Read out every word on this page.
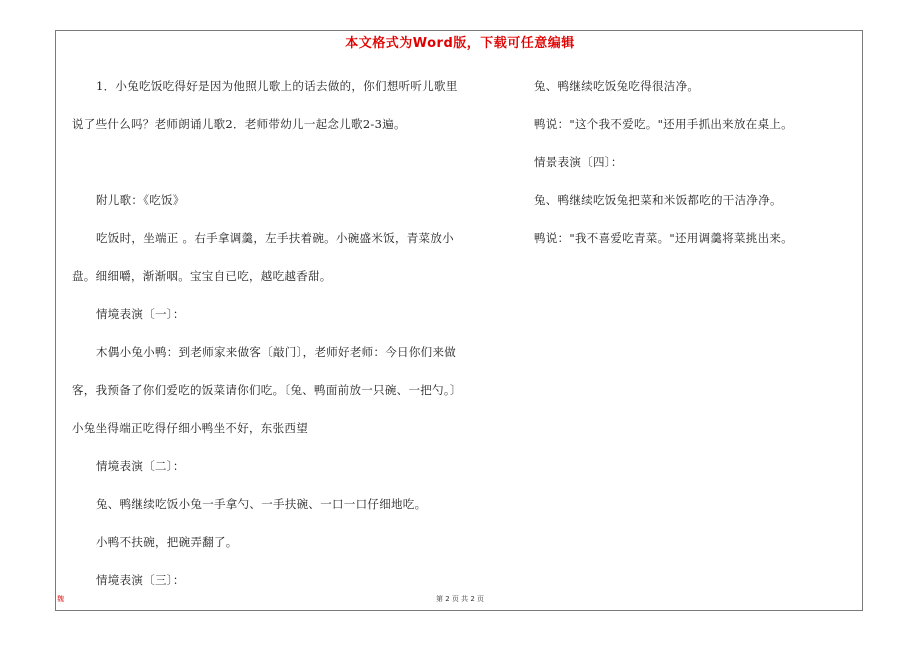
本文格式为Word版，下载可任意编辑

1．小兔吃饭吃得好是因为他照儿歌上的话去做的，你们想听听儿歌里说了些什么吗？老师朗诵儿歌2．老师带幼儿一起念儿歌2-3遍。

附儿歌：《吃饭》

吃饭时，坐端正 。右手拿调羹，左手扶着碗。小碗盛米饭，青菜放小盘。细细嚼，渐渐咽。宝宝自已吃，越吃越香甜。

情境表演〔一〕：

木偶小兔小鸭：到老师家来做客〔敲门〕，老师好老师：今日你们来做客，我预备了你们爱吃的饭菜请你们吃。〔兔、鸭面前放一只碗、一把勺。〕小兔坐得端正吃得仔细小鸭坐不好，东张西望

情境表演〔二〕：

兔、鸭继续吃饭小兔一手拿勺、一手扶碗、一口一口仔细地吃。

小鸭不扶碗，把碗弄翻了。

情境表演〔三〕：

兔、鸭继续吃饭兔吃得很洁净。

鸭说："这个我不爱吃。"还用手抓出来放在桌上。

情景表演〔四〕：

兔、鸭继续吃饭兔把菜和米饭都吃的干洁净净。

鸭说："我不喜爱吃青菜。"还用调羹将菜挑出来。

魏	第 2 页 共 2 页
